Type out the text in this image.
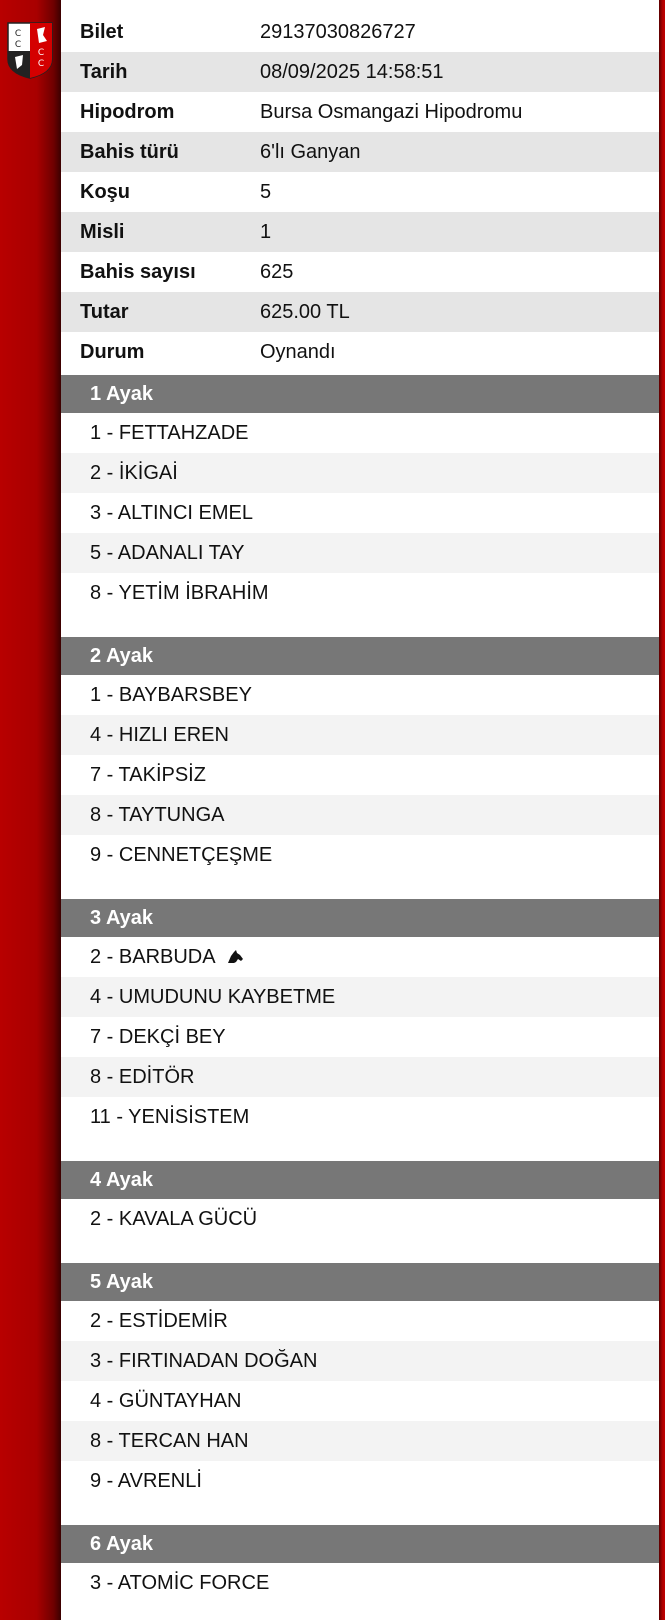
C
C
C
C
Bilet	29137030826727
Tarih	08/09/2025 14:58:51
Hipodrom	Bursa Osmangazi Hipodromu
Bahis türü	6'lı Ganyan
Koşu	5
Misli	1
Bahis sayısı	625
Tutar	625.00 TL
Durum	Oynandı
1 Ayak
1 - FETTAHZADE
2 - İKİGAİ
3 - ALTINCI EMEL
5 - ADANALI TAY
8 - YETİM İBRAHİM
2 Ayak
1 - BAYBARSBEY
4 - HIZLI EREN
7 - TAKİPSİZ
8 - TAYTUNGA
9 - CENNETÇEŞME
3 Ayak
2 - BARBUDA
4 - UMUDUNU KAYBETME
7 - DEKÇİ BEY
8 - EDİTÖR
11 - YENİSİSTEM
4 Ayak
2 - KAVALA GÜCÜ
5 Ayak
2 - ESTİDEMİR
3 - FIRTINADAN DOĞAN
4 - GÜNTAYHAN
8 - TERCAN HAN
9 - AVRENLİ
6 Ayak
3 - ATOMİC FORCE
